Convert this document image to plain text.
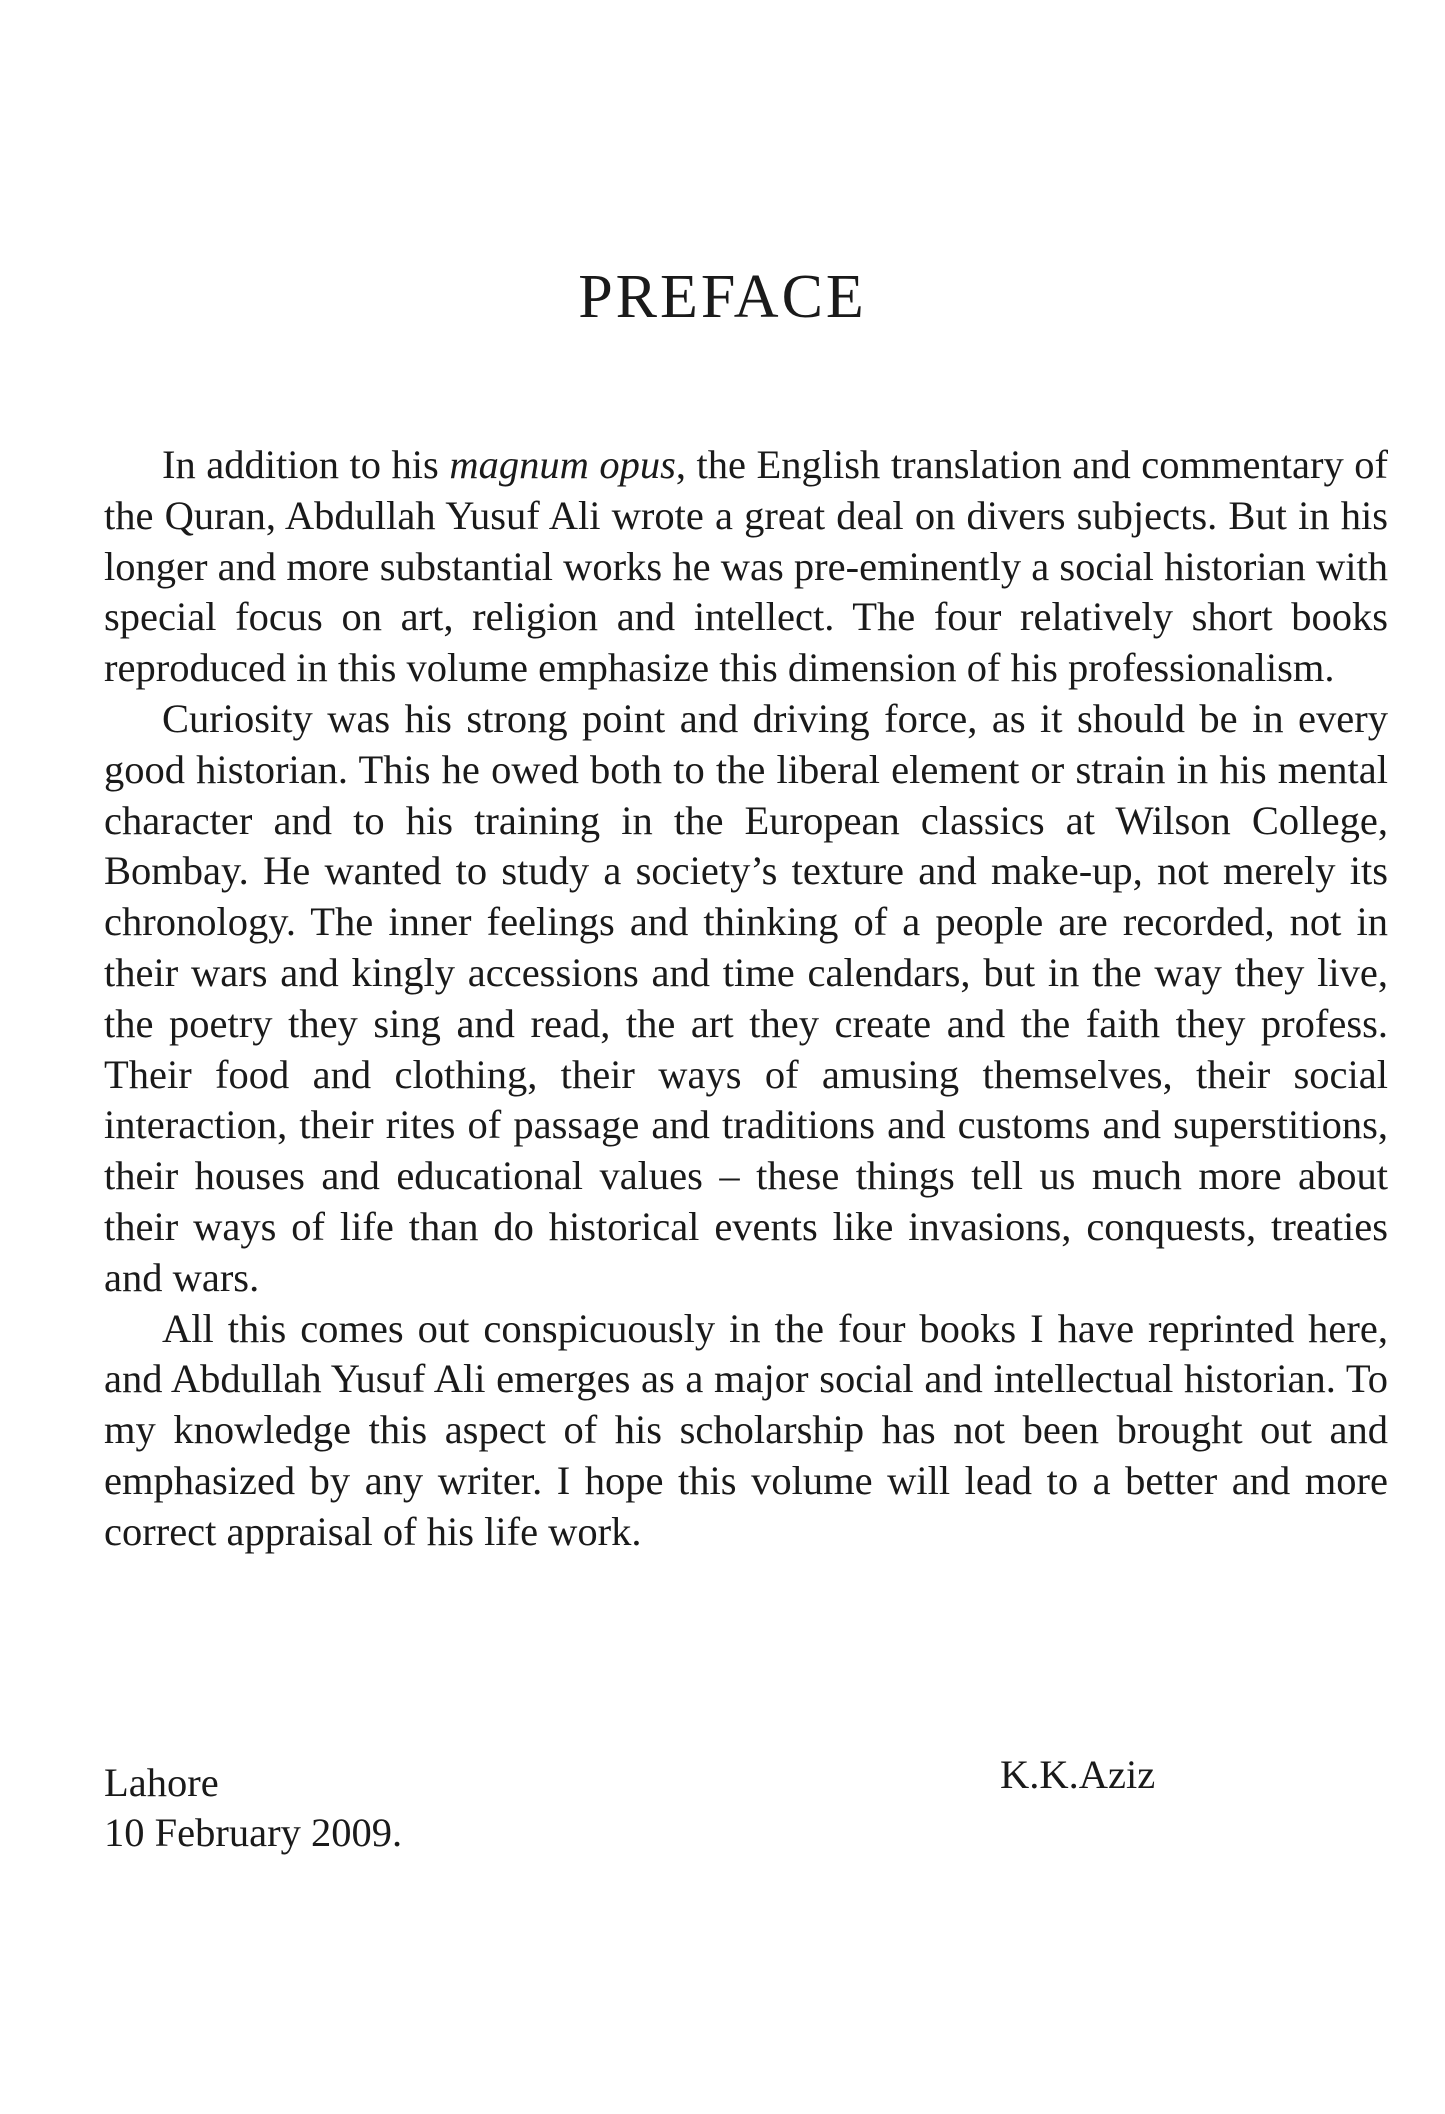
PREFACE

In addition to his magnum opus, the English translation and commentary of the Quran, Abdullah Yusuf Ali wrote a great deal on divers subjects. But in his longer and more substantial works he was pre-eminently a social historian with special focus on art, religion and intellect. The four relatively short books reproduced in this volume emphasize this dimension of his professionalism.

Curiosity was his strong point and driving force, as it should be in every good historian. This he owed both to the liberal element or strain in his mental character and to his training in the European classics at Wilson College, Bombay. He wanted to study a society’s texture and make-up, not merely its chronology. The inner feelings and thinking of a people are recorded, not in their wars and kingly accessions and time calendars, but in the way they live, the poetry they sing and read, the art they create and the faith they profess. Their food and clothing, their ways of amusing themselves, their social interaction, their rites of passage and traditions and customs and superstitions, their houses and educational values – these things tell us much more about their ways of life than do historical events like invasions, conquests, treaties and wars.

All this comes out conspicuously in the four books I have reprinted here, and Abdullah Yusuf Ali emerges as a major social and intellectual historian. To my knowledge this aspect of his scholarship has not been brought out and emphasized by any writer. I hope this volume will lead to a better and more correct appraisal of his life work.

Lahore
10 February 2009.
K.K.Aziz
